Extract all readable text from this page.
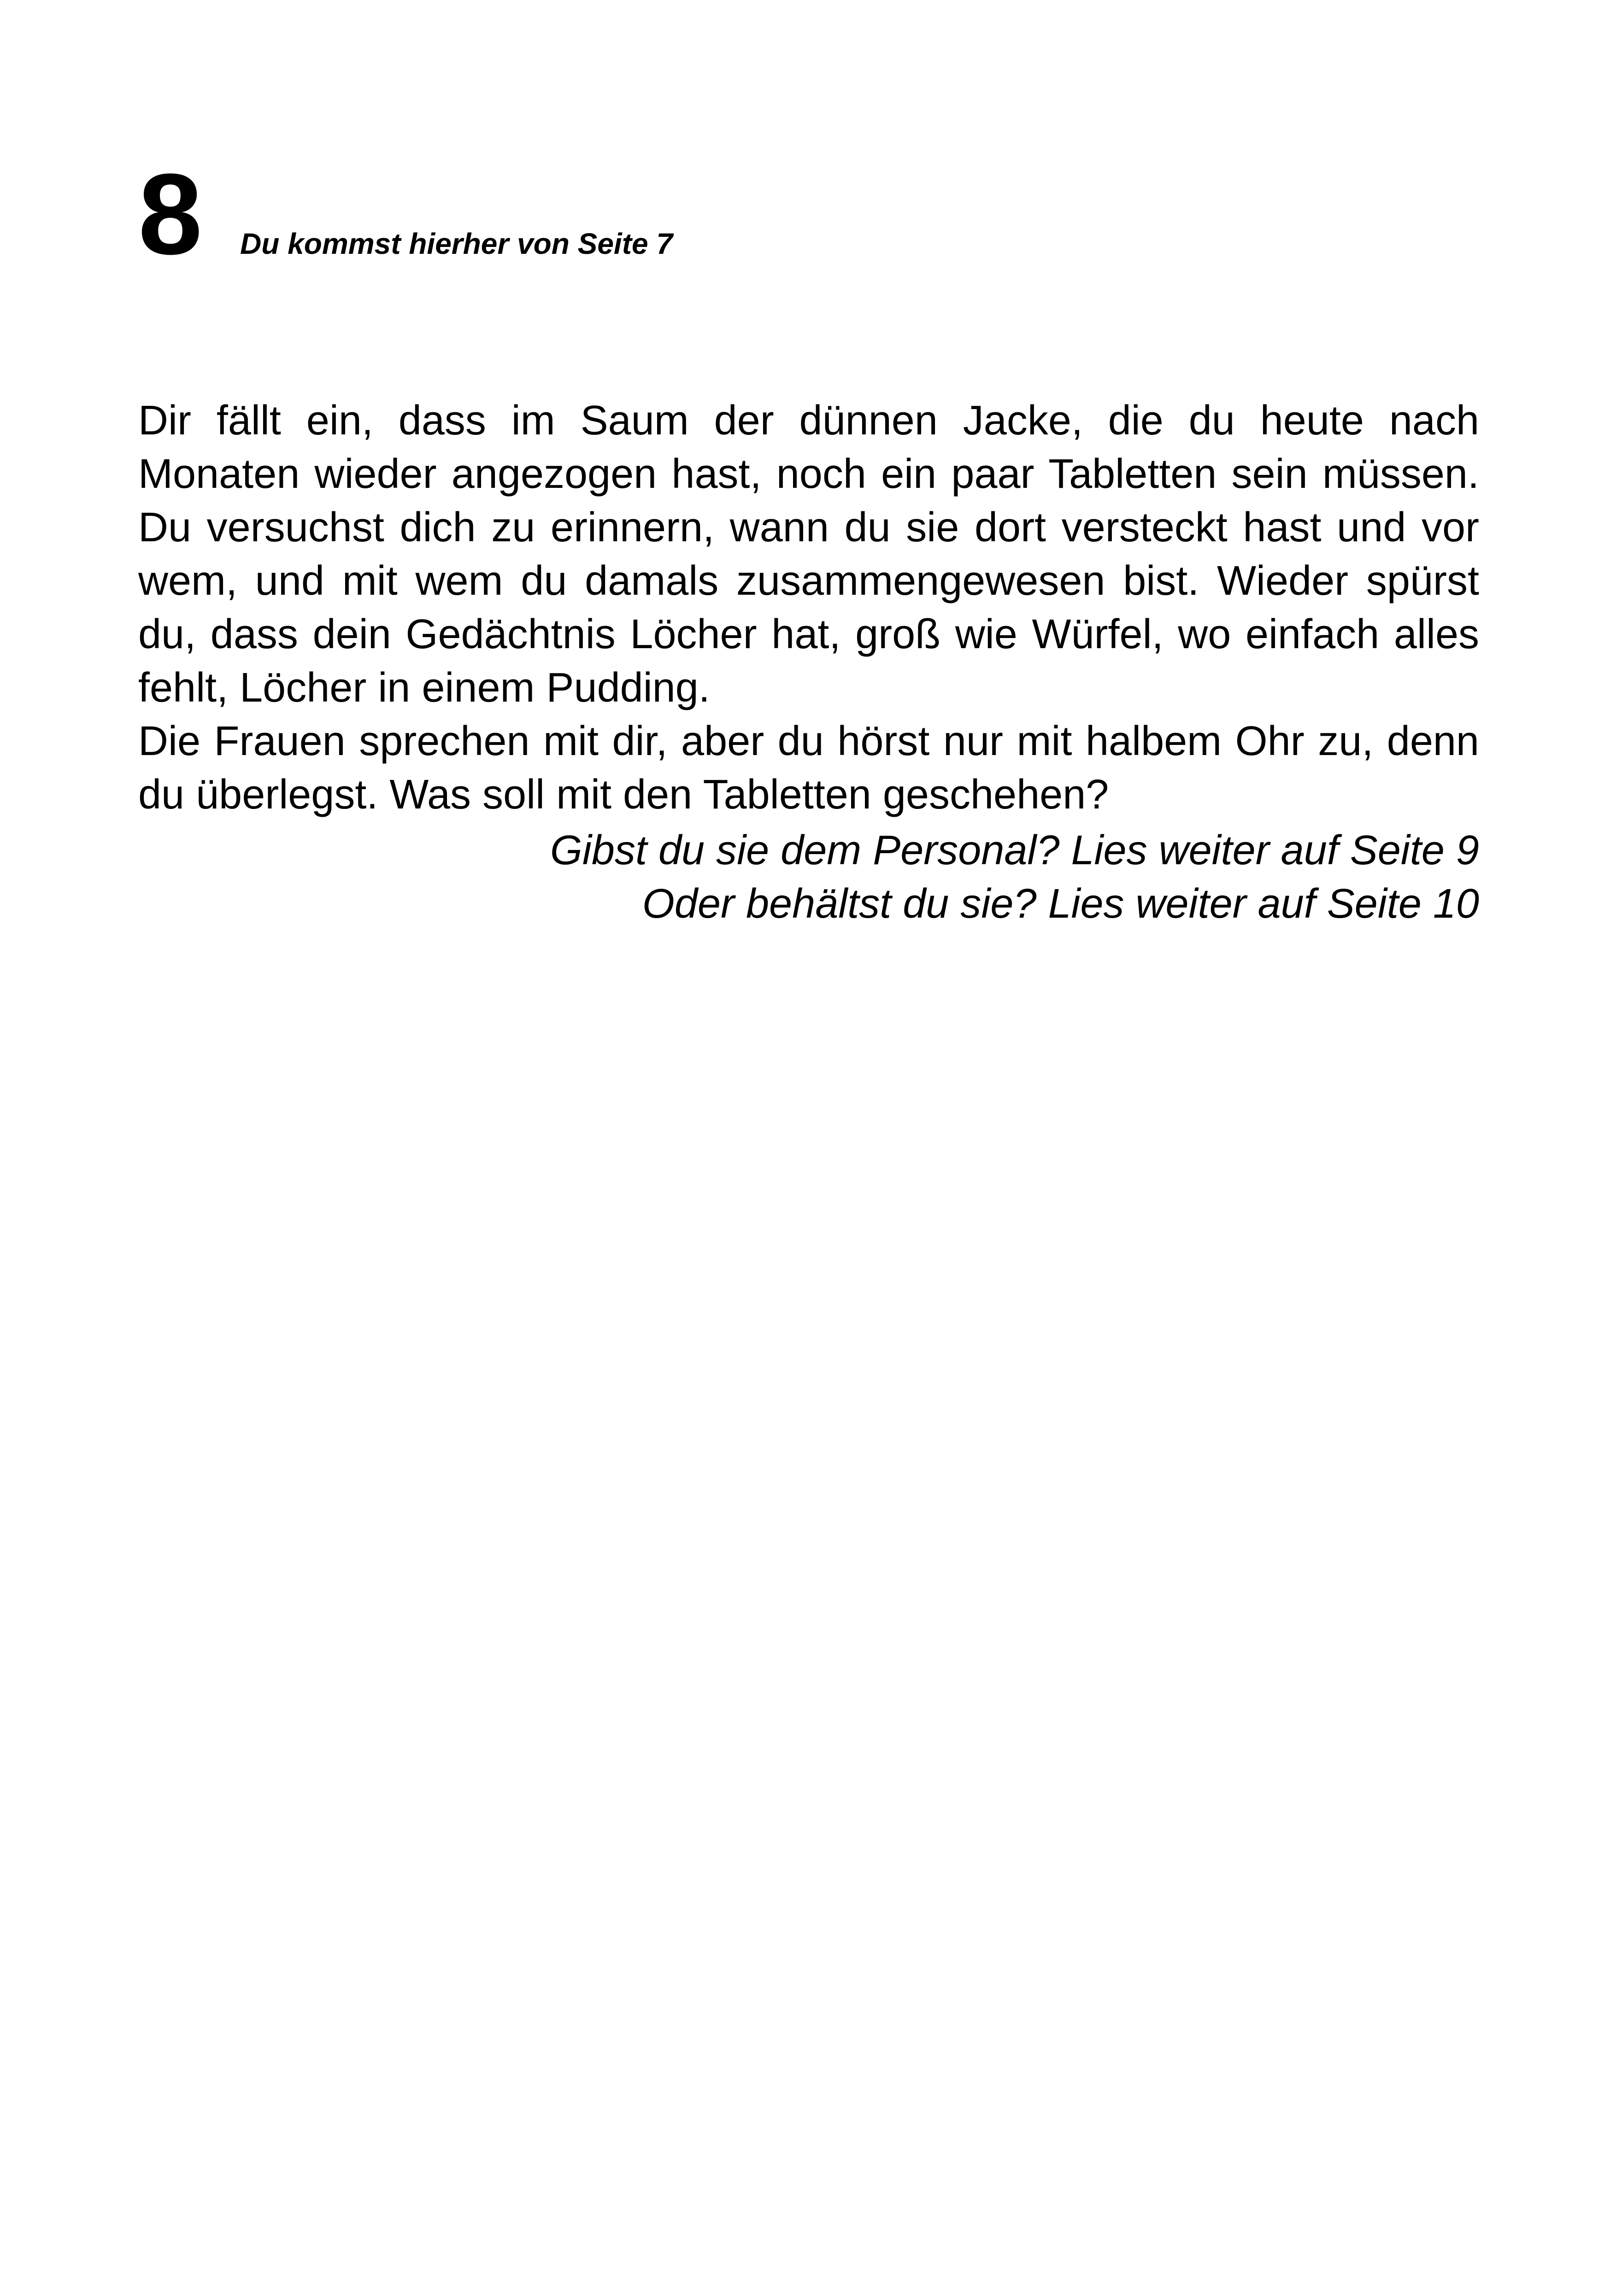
8 Du kommst hierher von Seite 7

Dir fällt ein, dass im Saum der dünnen Jacke, die du heute nach Monaten wieder angezogen hast, noch ein paar Tabletten sein müssen. Du versuchst dich zu erinnern, wann du sie dort versteckt hast und vor wem, und mit wem du damals zusammengewesen bist. Wieder spürst du, dass dein Gedächtnis Löcher hat, groß wie Würfel, wo einfach alles fehlt, Löcher in einem Pudding.

Die Frauen sprechen mit dir, aber du hörst nur mit halbem Ohr zu, denn du überlegst. Was soll mit den Tabletten geschehen?

Gibst du sie dem Personal? Lies weiter auf Seite 9
Oder behältst du sie? Lies weiter auf Seite 10
